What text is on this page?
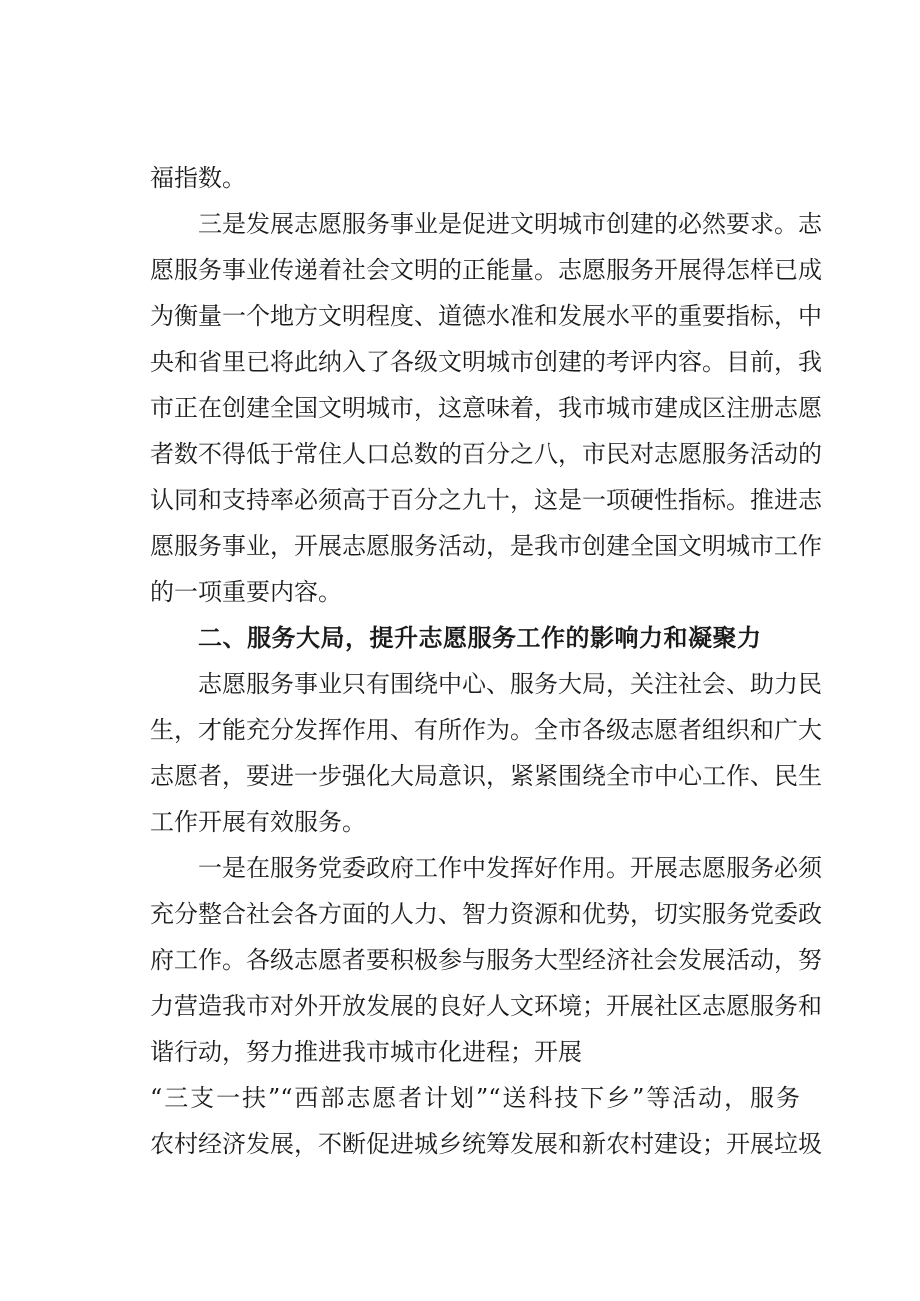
福指数。
三是发展志愿服务事业是促进文明城市创建的必然要求。志
愿服务事业传递着社会文明的正能量。志愿服务开展得怎样已成
为衡量一个地方文明程度、道德水准和发展水平的重要指标，中
央和省里已将此纳入了各级文明城市创建的考评内容。目前，我
市正在创建全国文明城市，这意味着，我市城市建成区注册志愿
者数不得低于常住人口总数的百分之八，市民对志愿服务活动的
认同和支持率必须高于百分之九十，这是一项硬性指标。推进志
愿服务事业，开展志愿服务活动，是我市创建全国文明城市工作
的一项重要内容。
二、服务大局，提升志愿服务工作的影响力和凝聚力
志愿服务事业只有围绕中心、服务大局，关注社会、助力民
生，才能充分发挥作用、有所作为。全市各级志愿者组织和广大
志愿者，要进一步强化大局意识，紧紧围绕全市中心工作、民生
工作开展有效服务。
一是在服务党委政府工作中发挥好作用。开展志愿服务必须
充分整合社会各方面的人力、智力资源和优势，切实服务党委政
府工作。各级志愿者要积极参与服务大型经济社会发展活动，努
力营造我市对外开放发展的良好人文环境；开展社区志愿服务和
谐行动，努力推进我市城市化进程；开展
“三支一扶”“西部志愿者计划”“送科技下乡”等活动，服务
农村经济发展，不断促进城乡统筹发展和新农村建设；开展垃圾
